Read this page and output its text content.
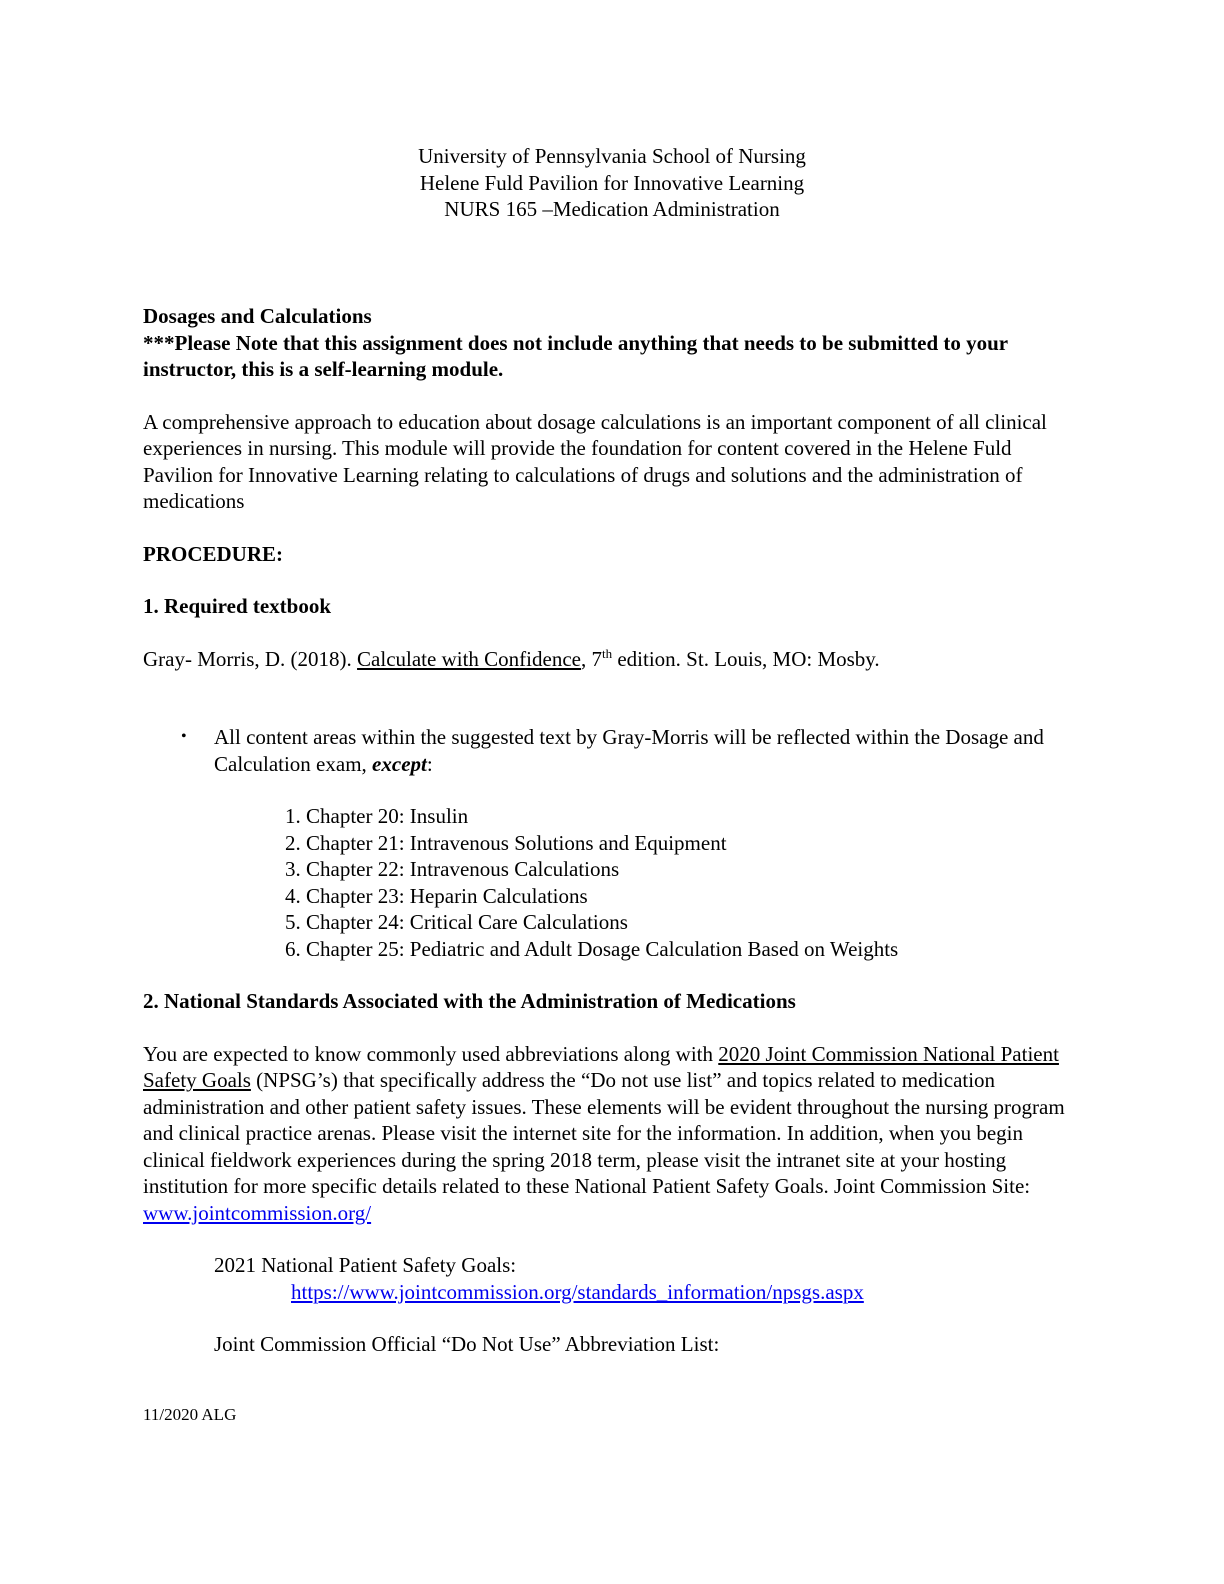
University of Pennsylvania School of Nursing
Helene Fuld Pavilion for Innovative Learning
NURS 165 –Medication Administration

Dosages and Calculations

***Please Note that this assignment does not include anything that needs to be submitted to your instructor, this is a self-learning module.

A comprehensive approach to education about dosage calculations is an important component of all clinical experiences in nursing. This module will provide the foundation for content covered in the Helene Fuld Pavilion for Innovative Learning relating to calculations of drugs and solutions and the administration of medications

PROCEDURE:

1. Required textbook

Gray- Morris, D. (2018). Calculate with Confidence, 7th edition. St. Louis, MO: Mosby.

• All content areas within the suggested text by Gray-Morris will be reflected within the Dosage and Calculation exam, except:
1. Chapter 20: Insulin
2. Chapter 21: Intravenous Solutions and Equipment
3. Chapter 22: Intravenous Calculations
4. Chapter 23: Heparin Calculations
5. Chapter 24: Critical Care Calculations
6. Chapter 25: Pediatric and Adult Dosage Calculation Based on Weights

2. National Standards Associated with the Administration of Medications

You are expected to know commonly used abbreviations along with 2020 Joint Commission National Patient Safety Goals (NPSG’s) that specifically address the “Do not use list” and topics related to medication administration and other patient safety issues. These elements will be evident throughout the nursing program and clinical practice arenas. Please visit the internet site for the information. In addition, when you begin clinical fieldwork experiences during the spring 2018 term, please visit the intranet site at your hosting institution for more specific details related to these National Patient Safety Goals. Joint Commission Site:
www.jointcommission.org/

2021 National Patient Safety Goals:

https://www.jointcommission.org/standards_information/npsgs.aspx

Joint Commission Official “Do Not Use” Abbreviation List:

11/2020 ALG
